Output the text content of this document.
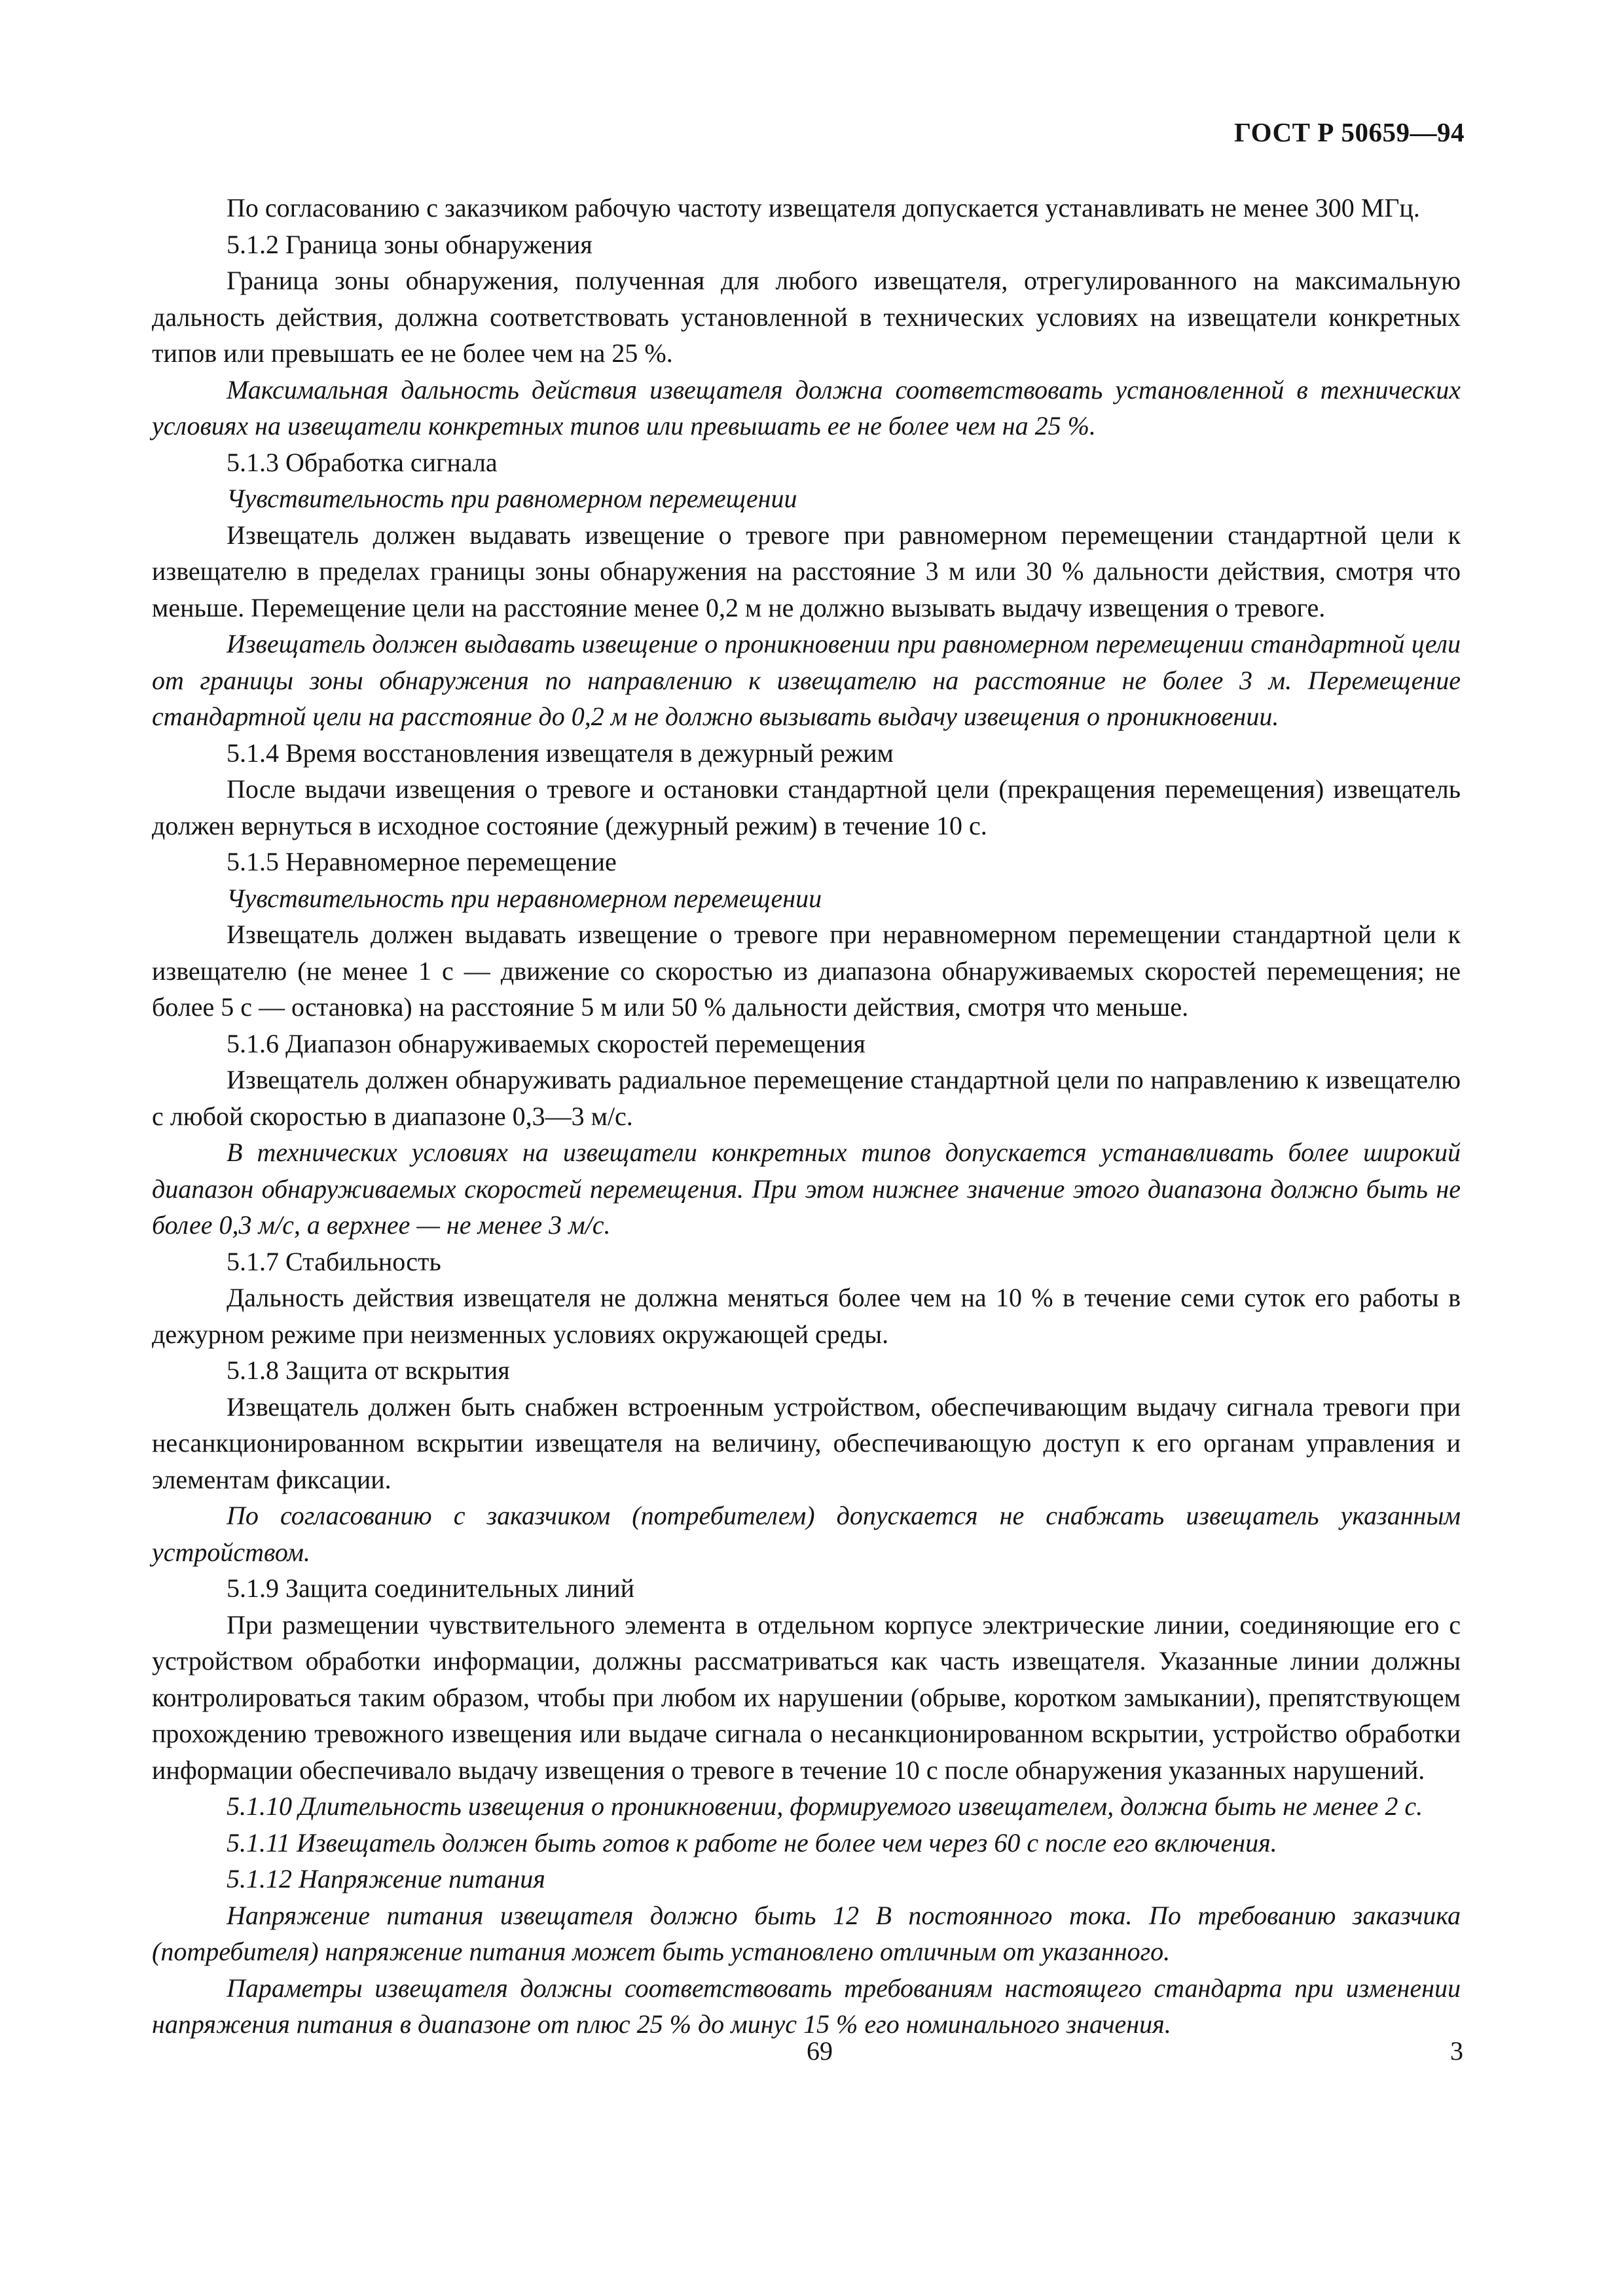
ГОСТ Р 50659—94

По согласованию с заказчиком рабочую частоту извещателя допускается устанавливать не менее 300 МГц.

5.1.2 Граница зоны обнаружения

Граница зоны обнаружения, полученная для любого извещателя, отрегулированного на максимальную дальность действия, должна соответствовать установленной в технических условиях на извещатели конкретных типов или превышать ее не более чем на 25 %.

Максимальная дальность действия извещателя должна соответствовать установленной в технических условиях на извещатели конкретных типов или превышать ее не более чем на 25 %.

5.1.3 Обработка сигнала

Чувствительность при равномерном перемещении

Извещатель должен выдавать извещение о тревоге при равномерном перемещении стандартной цели к извещателю в пределах границы зоны обнаружения на расстояние 3 м или 30 % дальности действия, смотря что меньше. Перемещение цели на расстояние менее 0,2 м не должно вызывать выдачу извещения о тревоге.

Извещатель должен выдавать извещение о проникновении при равномерном перемещении стандартной цели от границы зоны обнаружения по направлению к извещателю на расстояние не более 3 м. Перемещение стандартной цели на расстояние до 0,2 м не должно вызывать выдачу извещения о проникновении.

5.1.4 Время восстановления извещателя в дежурный режим

После выдачи извещения о тревоге и остановки стандартной цели (прекращения перемещения) извещатель должен вернуться в исходное состояние (дежурный режим) в течение 10 с.

5.1.5 Неравномерное перемещение

Чувствительность при неравномерном перемещении

Извещатель должен выдавать извещение о тревоге при неравномерном перемещении стандартной цели к извещателю (не менее 1 с — движение со скоростью из диапазона обнаруживаемых скоростей перемещения; не более 5 с — остановка) на расстояние 5 м или 50 % дальности действия, смотря что меньше.

5.1.6 Диапазон обнаруживаемых скоростей перемещения

Извещатель должен обнаруживать радиальное перемещение стандартной цели по направлению к извещателю с любой скоростью в диапазоне 0,3—3 м/с.

В технических условиях на извещатели конкретных типов допускается устанавливать более широкий диапазон обнаруживаемых скоростей перемещения. При этом нижнее значение этого диапазона должно быть не более 0,3 м/с, а верхнее — не менее 3 м/с.

5.1.7 Стабильность

Дальность действия извещателя не должна меняться более чем на 10 % в течение семи суток его работы в дежурном режиме при неизменных условиях окружающей среды.

5.1.8 Защита от вскрытия

Извещатель должен быть снабжен встроенным устройством, обеспечивающим выдачу сигнала тревоги при несанкционированном вскрытии извещателя на величину, обеспечивающую доступ к его органам управления и элементам фиксации.

По согласованию с заказчиком (потребителем) допускается не снабжать извещатель указанным устройством.

5.1.9 Защита соединительных линий

При размещении чувствительного элемента в отдельном корпусе электрические линии, соединяющие его с устройством обработки информации, должны рассматриваться как часть извещателя. Указанные линии должны контролироваться таким образом, чтобы при любом их нарушении (обрыве, коротком замыкании), препятствующем прохождению тревожного извещения или выдаче сигнала о несанкционированном вскрытии, устройство обработки информации обеспечивало выдачу извещения о тревоге в течение 10 с после обнаружения указанных нарушений.

5.1.10 Длительность извещения о проникновении, формируемого извещателем, должна быть не менее 2 с.

5.1.11 Извещатель должен быть готов к работе не более чем через 60 с после его включения.

5.1.12 Напряжение питания

Напряжение питания извещателя должно быть 12 В постоянного тока. По требованию заказчика (потребителя) напряжение питания может быть установлено отличным от указанного.

Параметры извещателя должны соответствовать требованиям настоящего стандарта при изменении напряжения питания в диапазоне от плюс 25 % до минус 15 % его номинального значения.

69	3
